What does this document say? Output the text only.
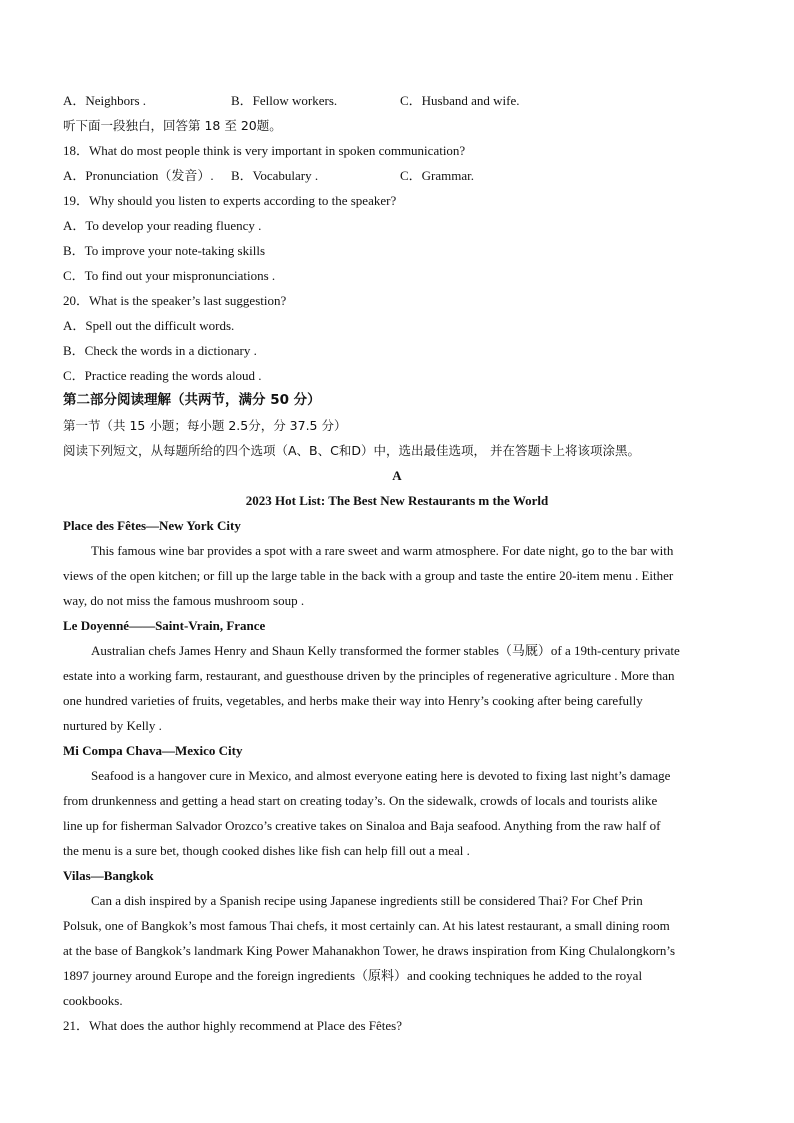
A．Neighbors .	B．Fellow workers.	C．Husband and wife.
听下面一段独白，回答第 18 至 20题。
18．What do most people think is very important in spoken communication?
A．Pronunciation（发音）.	B．Vocabulary .	C．Grammar.
19．Why should you listen to experts according to the speaker?
A．To develop your reading fluency .
B．To improve your note-taking skills
C．To find out your mispronunciations .
20．What is the speaker’s last suggestion?
A．Spell out the difficult words.
B．Check the words in a dictionary .
C．Practice reading the words aloud .
第二部分阅读理解（共两节，满分 50 分）
第一节（共 15 小题；每小题 2.5分，分 37.5 分）
阅读下列短文，从每题所给的四个选项（A、B、C和D）中，选出最佳选项， 并在答题卡上将该项涂黑。
A
2023 Hot List: The Best New Restaurants m the World
Place des Fêtes—New York City
This famous wine bar provides a spot with a rare sweet and warm atmosphere. For date night, go to the bar with
views of the open kitchen; or fill up the large table in the back with a group and taste the entire 20-item menu . Either
way, do not miss the famous mushroom soup .
Le Doyenné——Saint-Vrain, France
Australian chefs James Henry and Shaun Kelly transformed the former stables（马厩）of a 19th-century private
estate into a working farm, restaurant, and guesthouse driven by the principles of regenerative agriculture . More than
one hundred varieties of fruits, vegetables, and herbs make their way into Henry’s cooking after being carefully
nurtured by Kelly .
Mi Compa Chava—Mexico City
Seafood is a hangover cure in Mexico, and almost everyone eating here is devoted to fixing last night’s damage
from drunkenness and getting a head start on creating today’s. On the sidewalk, crowds of locals and tourists alike
line up for fisherman Salvador Orozco’s creative takes on Sinaloa and Baja seafood. Anything from the raw half of
the menu is a sure bet, though cooked dishes like fish can help fill out a meal .
Vilas—Bangkok
Can a dish inspired by a Spanish recipe using Japanese ingredients still be considered Thai? For Chef Prin
Polsuk, one of Bangkok’s most famous Thai chefs, it most certainly can. At his latest restaurant, a small dining room
at the base of Bangkok’s landmark King Power Mahanakhon Tower, he draws inspiration from King Chulalongkorn’s
1897 journey around Europe and the foreign ingredients（原料）and cooking techniques he added to the royal
cookbooks.
21．What does the author highly recommend at Place des Fêtes?
